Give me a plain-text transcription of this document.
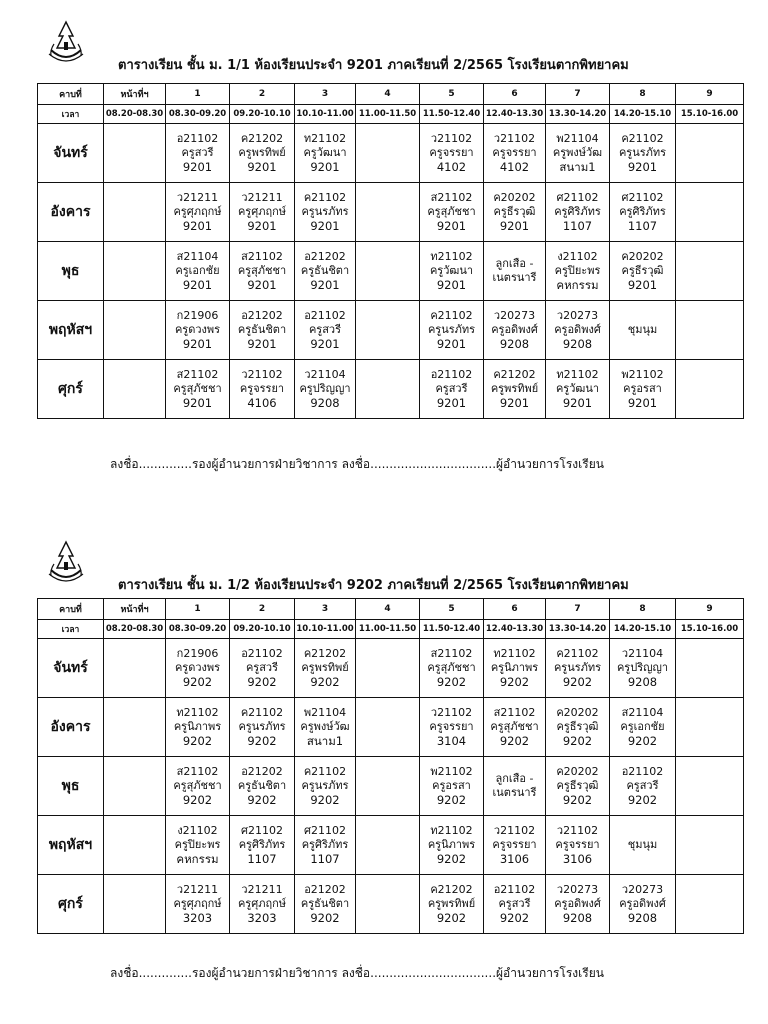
ตารางเรียน ชั้น ม. 1/1 ห้องเรียนประจำ 9201 ภาคเรียนที่ 2/2565 โรงเรียนตากพิทยาคม
คาบที่	หน้าที่ฯ	1	2	3	4	5	6	7	8	9
เวลา	08.20-08.30	08.30-09.20	09.20-10.10	10.10-11.00	11.00-11.50	11.50-12.40	12.40-13.30	13.30-14.20	14.20-15.10	15.10-16.00
จันทร์		อ21102
ครูสวรี
9201	ค21202
ครูพรทิพย์
9201	ท21102
ครูวัฒนา
9201		ว21102
ครูจรรยา
4102	ว21102
ครูจรรยา
4102	พ21104
ครูพงษ์วัฒ
สนาม1	ค21102
ครูนรภัทร
9201	

อังคาร		ว21211
ครูศุภฤกษ์
9201	ว21211
ครูศุภฤกษ์
9201	ค21102
ครูนรภัทร
9201		ส21102
ครูสุภัชชา
9201	ค20202
ครูธีรวุฒิ
9201	ศ21102
ครูศิริภัทร
1107	ศ21102
ครูศิริภัทร
1107	

พุธ		ส21104
ครูเอกชัย
9201	ส21102
ครูสุภัชชา
9201	อ21202
ครูธันชิตา
9201		ท21102
ครูวัฒนา
9201	ลูกเสือ -
เนตรนารี	ง21102
ครูปิยะพร
คหกรรม	ค20202
ครูธีรวุฒิ
9201	

พฤหัสฯ		ก21906
ครูดวงพร
9201	อ21202
ครูธันชิตา
9201	อ21102
ครูสวรี
9201		ค21102
ครูนรภัทร
9201	ว20273
ครูอดิพงศ์
9208	ว20273
ครูอดิพงศ์
9208	ชุมนุม	

ศุกร์		ส21102
ครูสุภัชชา
9201	ว21102
ครูจรรยา
4106	ว21104
ครูปริญญา
9208		อ21102
ครูสวรี
9201	ค21202
ครูพรทิพย์
9201	ท21102
ครูวัฒนา
9201	พ21102
ครูอรสา
9201	

ลงชื่อ..............รองผู้อำนวยการฝ่ายวิชาการ ลงชื่อ.................................ผู้อำนวยการโรงเรียน
ตารางเรียน ชั้น ม. 1/2 ห้องเรียนประจำ 9202 ภาคเรียนที่ 2/2565 โรงเรียนตากพิทยาคม
คาบที่	หน้าที่ฯ	1	2	3	4	5	6	7	8	9
เวลา	08.20-08.30	08.30-09.20	09.20-10.10	10.10-11.00	11.00-11.50	11.50-12.40	12.40-13.30	13.30-14.20	14.20-15.10	15.10-16.00
จันทร์		ก21906
ครูดวงพร
9202	อ21102
ครูสวรี
9202	ค21202
ครูพรทิพย์
9202		ส21102
ครูสุภัชชา
9202	ท21102
ครูนิภาพร
9202	ค21102
ครูนรภัทร
9202	ว21104
ครูปริญญา
9208	

อังคาร		ท21102
ครูนิภาพร
9202	ค21102
ครูนรภัทร
9202	พ21104
ครูพงษ์วัฒ
สนาม1		ว21102
ครูจรรยา
3104	ส21102
ครูสุภัชชา
9202	ค20202
ครูธีรวุฒิ
9202	ส21104
ครูเอกชัย
9202	

พุธ		ส21102
ครูสุภัชชา
9202	อ21202
ครูธันชิตา
9202	ค21102
ครูนรภัทร
9202		พ21102
ครูอรสา
9202	ลูกเสือ -
เนตรนารี	ค20202
ครูธีรวุฒิ
9202	อ21102
ครูสวรี
9202	

พฤหัสฯ		ง21102
ครูปิยะพร
คหกรรม	ศ21102
ครูศิริภัทร
1107	ศ21102
ครูศิริภัทร
1107		ท21102
ครูนิภาพร
9202	ว21102
ครูจรรยา
3106	ว21102
ครูจรรยา
3106	ชุมนุม	

ศุกร์		ว21211
ครูศุภฤกษ์
3203	ว21211
ครูศุภฤกษ์
3203	อ21202
ครูธันชิตา
9202		ค21202
ครูพรทิพย์
9202	อ21102
ครูสวรี
9202	ว20273
ครูอดิพงศ์
9208	ว20273
ครูอดิพงศ์
9208	

ลงชื่อ..............รองผู้อำนวยการฝ่ายวิชาการ ลงชื่อ.................................ผู้อำนวยการโรงเรียน
